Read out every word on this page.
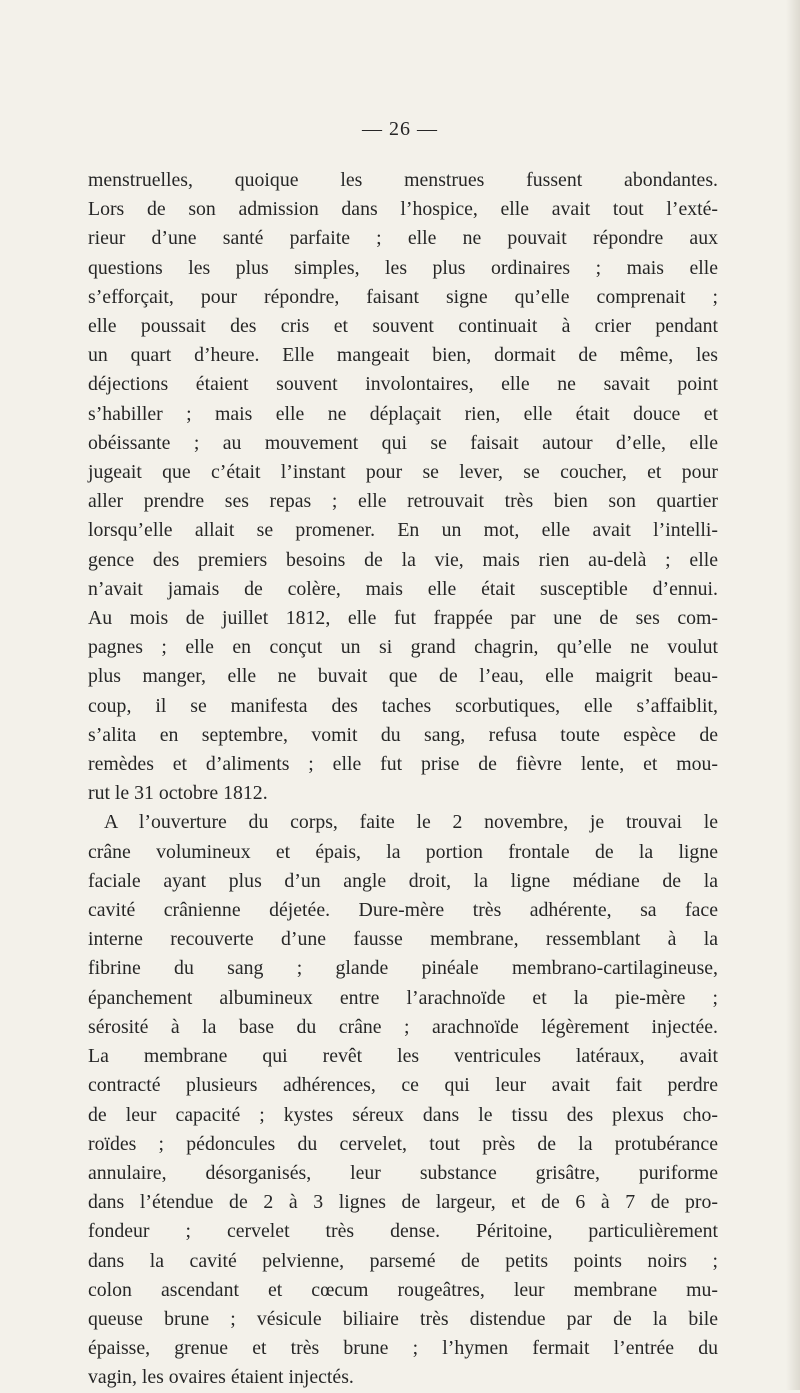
— 26 —
menstruelles, quoique les menstrues fussent abondantes.
Lors de son admission dans l’hospice, elle avait tout l’exté-
rieur d’une santé parfaite ; elle ne pouvait répondre aux
questions les plus simples, les plus ordinaires ; mais elle
s’efforçait, pour répondre, faisant signe qu’elle comprenait ;
elle poussait des cris et souvent continuait à crier pendant
un quart d’heure. Elle mangeait bien, dormait de même, les
déjections étaient souvent involontaires, elle ne savait point
s’habiller ; mais elle ne déplaçait rien, elle était douce et
obéissante ; au mouvement qui se faisait autour d’elle, elle
jugeait que c’était l’instant pour se lever, se coucher, et pour
aller prendre ses repas ; elle retrouvait très bien son quartier
lorsqu’elle allait se promener. En un mot, elle avait l’intelli-
gence des premiers besoins de la vie, mais rien au-delà ; elle
n’avait jamais de colère, mais elle était susceptible d’ennui.
Au mois de juillet 1812, elle fut frappée par une de ses com-
pagnes ; elle en conçut un si grand chagrin, qu’elle ne voulut
plus manger, elle ne buvait que de l’eau, elle maigrit beau-
coup, il se manifesta des taches scorbutiques, elle s’affaiblit,
s’alita en septembre, vomit du sang, refusa toute espèce de
remèdes et d’aliments ; elle fut prise de fièvre lente, et mou-
rut le 31 octobre 1812.
A l’ouverture du corps, faite le 2 novembre, je trouvai le
crâne volumineux et épais, la portion frontale de la ligne
faciale ayant plus d’un angle droit, la ligne médiane de la
cavité crânienne déjetée. Dure-mère très adhérente, sa face
interne recouverte d’une fausse membrane, ressemblant à la
fibrine du sang ; glande pinéale membrano-cartilagineuse,
épanchement albumineux entre l’arachnoïde et la pie-mère ;
sérosité à la base du crâne ; arachnoïde légèrement injectée.
La membrane qui revêt les ventricules latéraux, avait
contracté plusieurs adhérences, ce qui leur avait fait perdre
de leur capacité ; kystes séreux dans le tissu des plexus cho-
roïdes ; pédoncules du cervelet, tout près de la protubérance
annulaire, désorganisés, leur substance grisâtre, puriforme
dans l’étendue de 2 à 3 lignes de largeur, et de 6 à 7 de pro-
fondeur ; cervelet très dense. Péritoine, particulièrement
dans la cavité pelvienne, parsemé de petits points noirs ;
colon ascendant et cœcum rougeâtres, leur membrane mu-
queuse brune ; vésicule biliaire très distendue par de la bile
épaisse, grenue et très brune ; l’hymen fermait l’entrée du
vagin, les ovaires étaient injectés.
